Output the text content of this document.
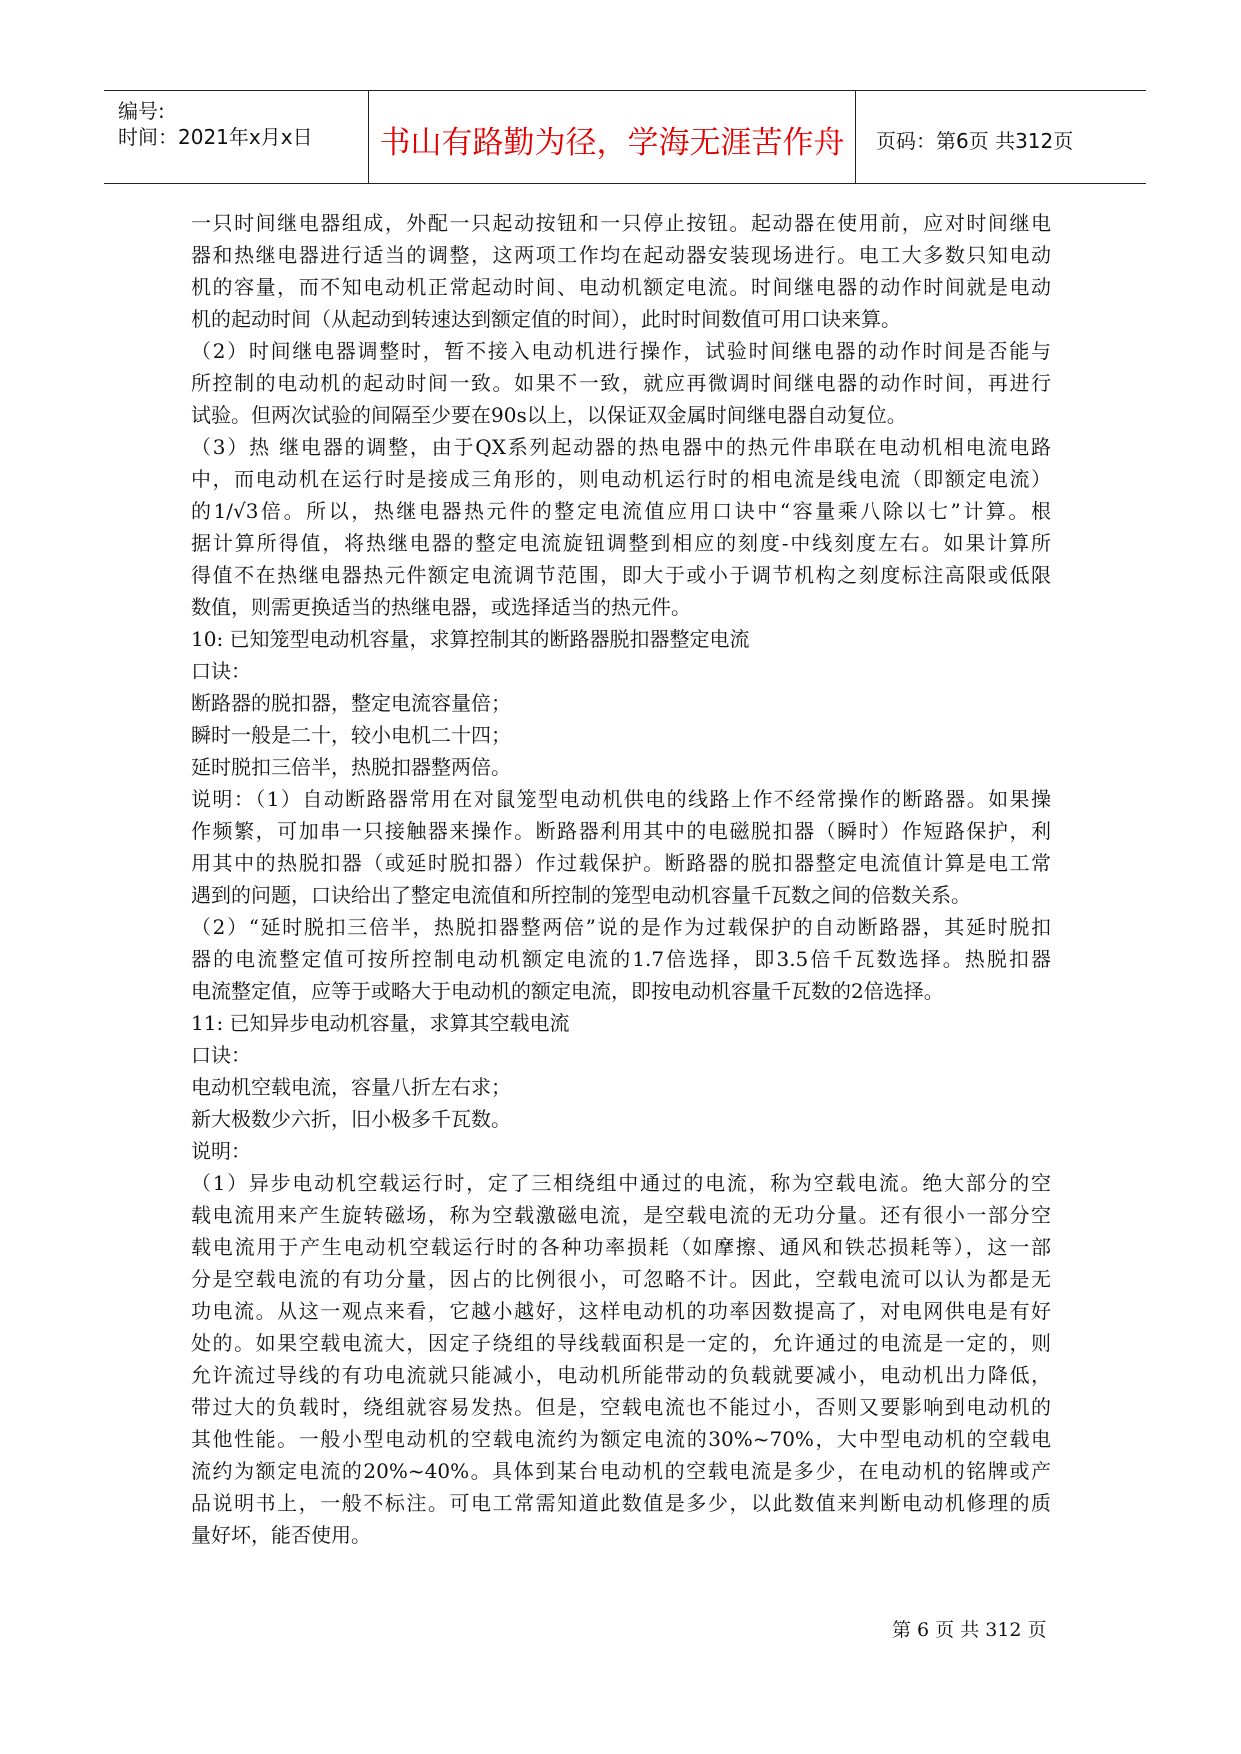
编号:
时间：2021年x月x日	书山有路勤为径，学海无涯苦作舟	页码：第6页 共312页

一只时间继电器组成，外配一只起动按钮和一只停止按钮。起动器在使用前，应对时间继电

器和热继电器进行适当的调整，这两项工作均在起动器安装现场进行。电工大多数只知电动

机的容量，而不知电动机正常起动时间、电动机额定电流。时间继电器的动作时间就是电动

机的起动时间（从起动到转速达到额定值的时间），此时时间数值可用口诀来算。

（2）时间继电器调整时，暂不接入电动机进行操作，试验时间继电器的动作时间是否能与

所控制的电动机的起动时间一致。如果不一致，就应再微调时间继电器的动作时间，再进行

试验。但两次试验的间隔至少要在90s以上，以保证双金属时间继电器自动复位。

（3）热 继电器的调整，由于QX系列起动器的热电器中的热元件串联在电动机相电流电路

中，而电动机在运行时是接成三角形的，则电动机运行时的相电流是线电流（即额定电流）

的1/√3倍。所以，热继电器热元件的整定电流值应用口诀中“容量乘八除以七”计算。根

据计算所得值，将热继电器的整定电流旋钮调整到相应的刻度-中线刻度左右。如果计算所

得值不在热继电器热元件额定电流调节范围，即大于或小于调节机构之刻度标注高限或低限

数值，则需更换适当的热继电器，或选择适当的热元件。

10: 已知笼型电动机容量，求算控制其的断路器脱扣器整定电流

口诀：

断路器的脱扣器，整定电流容量倍；

瞬时一般是二十，较小电机二十四；

延时脱扣三倍半，热脱扣器整两倍。

说明：（1）自动断路器常用在对鼠笼型电动机供电的线路上作不经常操作的断路器。如果操

作频繁，可加串一只接触器来操作。断路器利用其中的电磁脱扣器（瞬时）作短路保护，利

用其中的热脱扣器（或延时脱扣器）作过载保护。断路器的脱扣器整定电流值计算是电工常

遇到的问题，口诀给出了整定电流值和所控制的笼型电动机容量千瓦数之间的倍数关系。

（2）“延时脱扣三倍半，热脱扣器整两倍”说的是作为过载保护的自动断路器，其延时脱扣

器的电流整定值可按所控制电动机额定电流的1.7倍选择，即3.5倍千瓦数选择。热脱扣器

电流整定值，应等于或略大于电动机的额定电流，即按电动机容量千瓦数的2倍选择。

11: 已知异步电动机容量，求算其空载电流

口诀：

电动机空载电流，容量八折左右求；

新大极数少六折，旧小极多千瓦数。

说明：

（1）异步电动机空载运行时，定了三相绕组中通过的电流，称为空载电流。绝大部分的空

载电流用来产生旋转磁场，称为空载激磁电流，是空载电流的无功分量。还有很小一部分空

载电流用于产生电动机空载运行时的各种功率损耗（如摩擦、通风和铁芯损耗等），这一部

分是空载电流的有功分量，因占的比例很小，可忽略不计。因此，空载电流可以认为都是无

功电流。从这一观点来看，它越小越好，这样电动机的功率因数提高了，对电网供电是有好

处的。如果空载电流大，因定子绕组的导线载面积是一定的，允许通过的电流是一定的，则

允许流过导线的有功电流就只能减小，电动机所能带动的负载就要减小，电动机出力降低，

带过大的负载时，绕组就容易发热。但是，空载电流也不能过小，否则又要影响到电动机的

其他性能。一般小型电动机的空载电流约为额定电流的30%~70%，大中型电动机的空载电

流约为额定电流的20%~40%。具体到某台电动机的空载电流是多少，在电动机的铭牌或产

品说明书上，一般不标注。可电工常需知道此数值是多少，以此数值来判断电动机修理的质

量好坏，能否使用。

第 6 页 共 312 页
